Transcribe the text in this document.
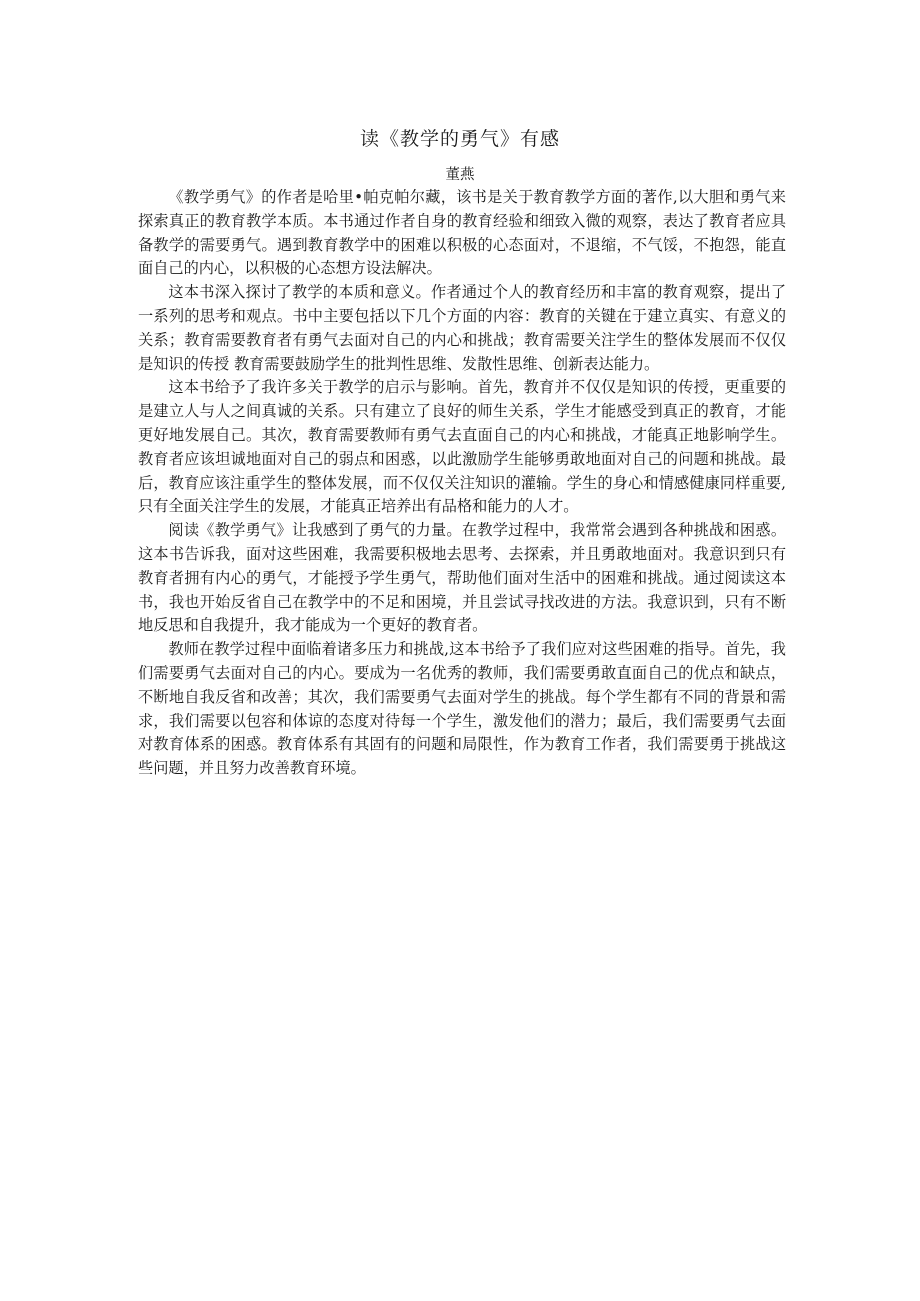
读《教学的勇气》有感
董燕

《教学勇气》的作者是哈里•帕克帕尔藏，该书是关于教育教学方面的著作,以大胆和勇气来探索真正的教育教学本质。本书通过作者自身的教育经验和细致入微的观察，表达了教育者应具备教学的需要勇气。遇到教育教学中的困难以积极的心态面对，不退缩，不气馁，不抱怨，能直面自己的内心，以积极的心态想方设法解决。

这本书深入探讨了教学的本质和意义。作者通过个人的教育经历和丰富的教育观察，提出了一系列的思考和观点。书中主要包括以下几个方面的内容：教育的关键在于建立真实、有意义的关系；教育需要教育者有勇气去面对自己的内心和挑战；教育需要关注学生的整体发展而不仅仅是知识的传授 教育需要鼓励学生的批判性思维、发散性思维、创新表达能力。

这本书给予了我许多关于教学的启示与影响。首先，教育并不仅仅是知识的传授，更重要的是建立人与人之间真诚的关系。只有建立了良好的师生关系，学生才能感受到真正的教育，才能更好地发展自己。其次，教育需要教师有勇气去直面自己的内心和挑战，才能真正地影响学生。教育者应该坦诚地面对自己的弱点和困惑，以此激励学生能够勇敢地面对自己的问题和挑战。最后，教育应该注重学生的整体发展，而不仅仅关注知识的灌输。学生的身心和情感健康同样重要,只有全面关注学生的发展，才能真正培养出有品格和能力的人才。

阅读《教学勇气》让我感到了勇气的力量。在教学过程中，我常常会遇到各种挑战和困惑。这本书告诉我，面对这些困难，我需要积极地去思考、去探索，并且勇敢地面对。我意识到只有教育者拥有内心的勇气，才能授予学生勇气，帮助他们面对生活中的困难和挑战。通过阅读这本书，我也开始反省自己在教学中的不足和困境，并且尝试寻找改进的方法。我意识到，只有不断地反思和自我提升，我才能成为一个更好的教育者。

教师在教学过程中面临着诸多压力和挑战,这本书给予了我们应对这些困难的指导。首先，我们需要勇气去面对自己的内心。要成为一名优秀的教师，我们需要勇敢直面自己的优点和缺点，不断地自我反省和改善；其次，我们需要勇气去面对学生的挑战。每个学生都有不同的背景和需求，我们需要以包容和体谅的态度对待每一个学生，激发他们的潜力；最后，我们需要勇气去面对教育体系的困惑。教育体系有其固有的问题和局限性，作为教育工作者，我们需要勇于挑战这些问题，并且努力改善教育环境。
